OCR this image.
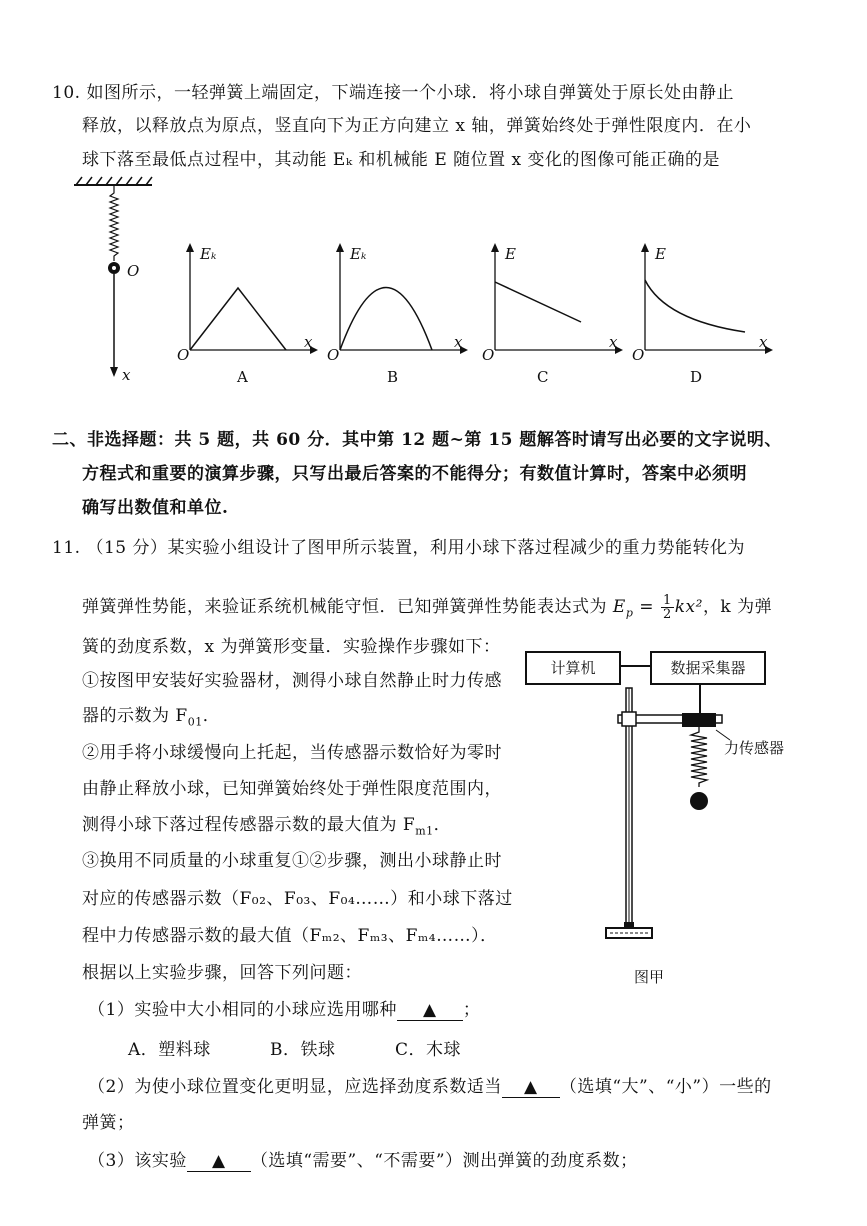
10. 如图所示，一轻弹簧上端固定，下端连接一个小球．将小球自弹簧处于原长处由静止
释放，以释放点为原点，竖直向下为正方向建立 x 轴，弹簧始终处于弹性限度内．在小
球下落至最低点过程中，其动能 Eₖ 和机械能 E 随位置 x 变化的图像可能正确的是
O
x
Eₖ
x
O
A
Eₖ
x
O
B
E
x
O
C
E
x
O
D
二、非选择题：共 5 题，共 60 分．其中第 12 题~第 15 题解答时请写出必要的文字说明、
方程式和重要的演算步骤，只写出最后答案的不能得分；有数值计算时，答案中必须明
确写出数值和单位.
11. （15 分）某实验小组设计了图甲所示装置，利用小球下落过程减少的重力势能转化为
弹簧弹性势能，来验证系统机械能守恒．已知弹簧弹性势能表达式为 $E_p = \frac{1}{2} kx^2$，k 为弹
簧的劲度系数，x 为弹簧形变量．实验操作步骤如下：
①按图甲安装好实验器材，测得小球自然静止时力传感
器的示数为 $F_{01}$．
②用手将小球缓慢向上托起，当传感器示数恰好为零时
由静止释放小球，已知弹簧始终处于弹性限度范围内，
测得小球下落过程传感器示数的最大值为 $F_{m1}$．
③换用不同质量的小球重复①②步骤，测出小球静止时
对应的传感器示数（F₀₂、F₀₃、F₀₄……）和小球下落过
程中力传感器示数的最大值（Fₘ₂、Fₘ₃、Fₘ₄……）．
根据以上实验步骤，回答下列问题：
（1）实验中大小相同的小球应选用哪种 ▲ ；
A．塑料球	B．铁球	C．木球
（2）为使小球位置变化更明显，应选择劲度系数适当 ▲ （选填“大”、“小”）一些的
弹簧；
（3）该实验 ▲ （选填“需要”、“不需要”）测出弹簧的劲度系数；
计算机	数据采集器
力传感器
图甲
